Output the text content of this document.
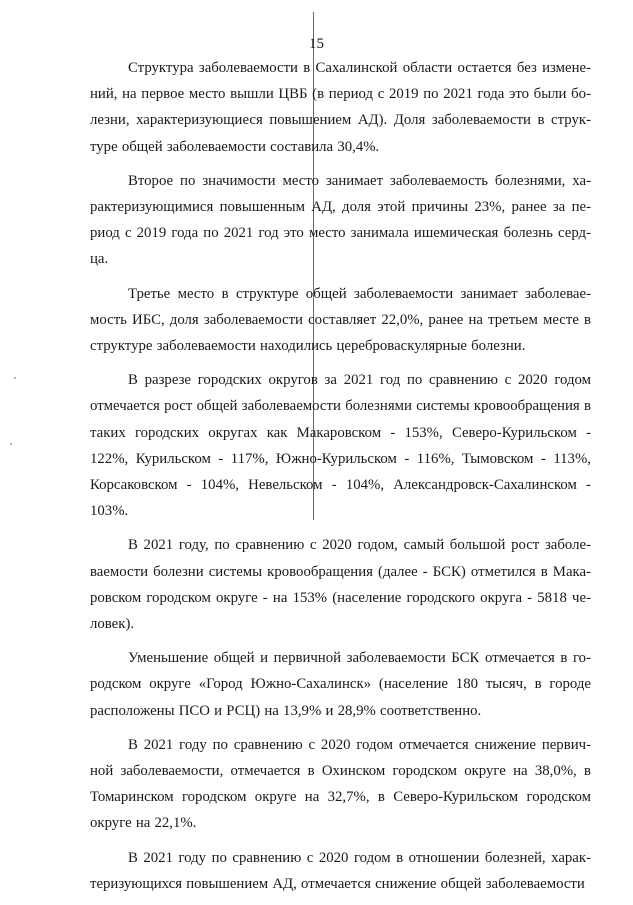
15

Структура заболеваемости в Сахалинской области остается без изменений, на первое место вышли ЦВБ (в период с 2019 по 2021 года это были болезни, характеризующиеся повышением АД). Доля заболеваемости в структуре общей заболеваемости составила 30,4%.

Второе по значимости место занимает заболеваемость болезнями, характеризующимися повышенным АД, доля этой причины 23%, ранее за период с 2019 года по 2021 год это место занимала ишемическая болезнь сердца.

Третье место в структуре общей заболеваемости занимает заболеваемость ИБС, доля заболеваемости составляет 22,0%, ранее на третьем месте в структуре заболеваемости находились цереброваскулярные болезни.

В разрезе городских округов за 2021 год по сравнению с 2020 годом отмечается рост общей заболеваемости болезнями системы кровообращения в таких городских округах как Макаровском - 153%, Северо-Курильском - 122%, Курильском - 117%, Южно-Курильском - 116%, Тымовском - 113%, Корсаковском - 104%, Невельском - 104%, Александровск-Сахалинском - 103%.

В 2021 году, по сравнению с 2020 годом, самый большой рост заболеваемости болезни системы кровообращения (далее - БСК) отметился в Макаровском городском округе - на 153% (население городского округа - 5818 человек).

Уменьшение общей и первичной заболеваемости БСК отмечается в городском округе «Город Южно-Сахалинск» (население 180 тысяч, в городе расположены ПСО и РСЦ) на 13,9% и 28,9% соответственно.

В 2021 году по сравнению с 2020 годом отмечается снижение первичной заболеваемости, отмечается в Охинском городском округе на 38,0%, в Томаринском городском округе на 32,7%, в Северо-Курильском городском округе на 22,1%.

В 2021 году по сравнению с 2020 годом в отношении болезней, характеризующихся повышением АД, отмечается снижение общей заболеваемости
